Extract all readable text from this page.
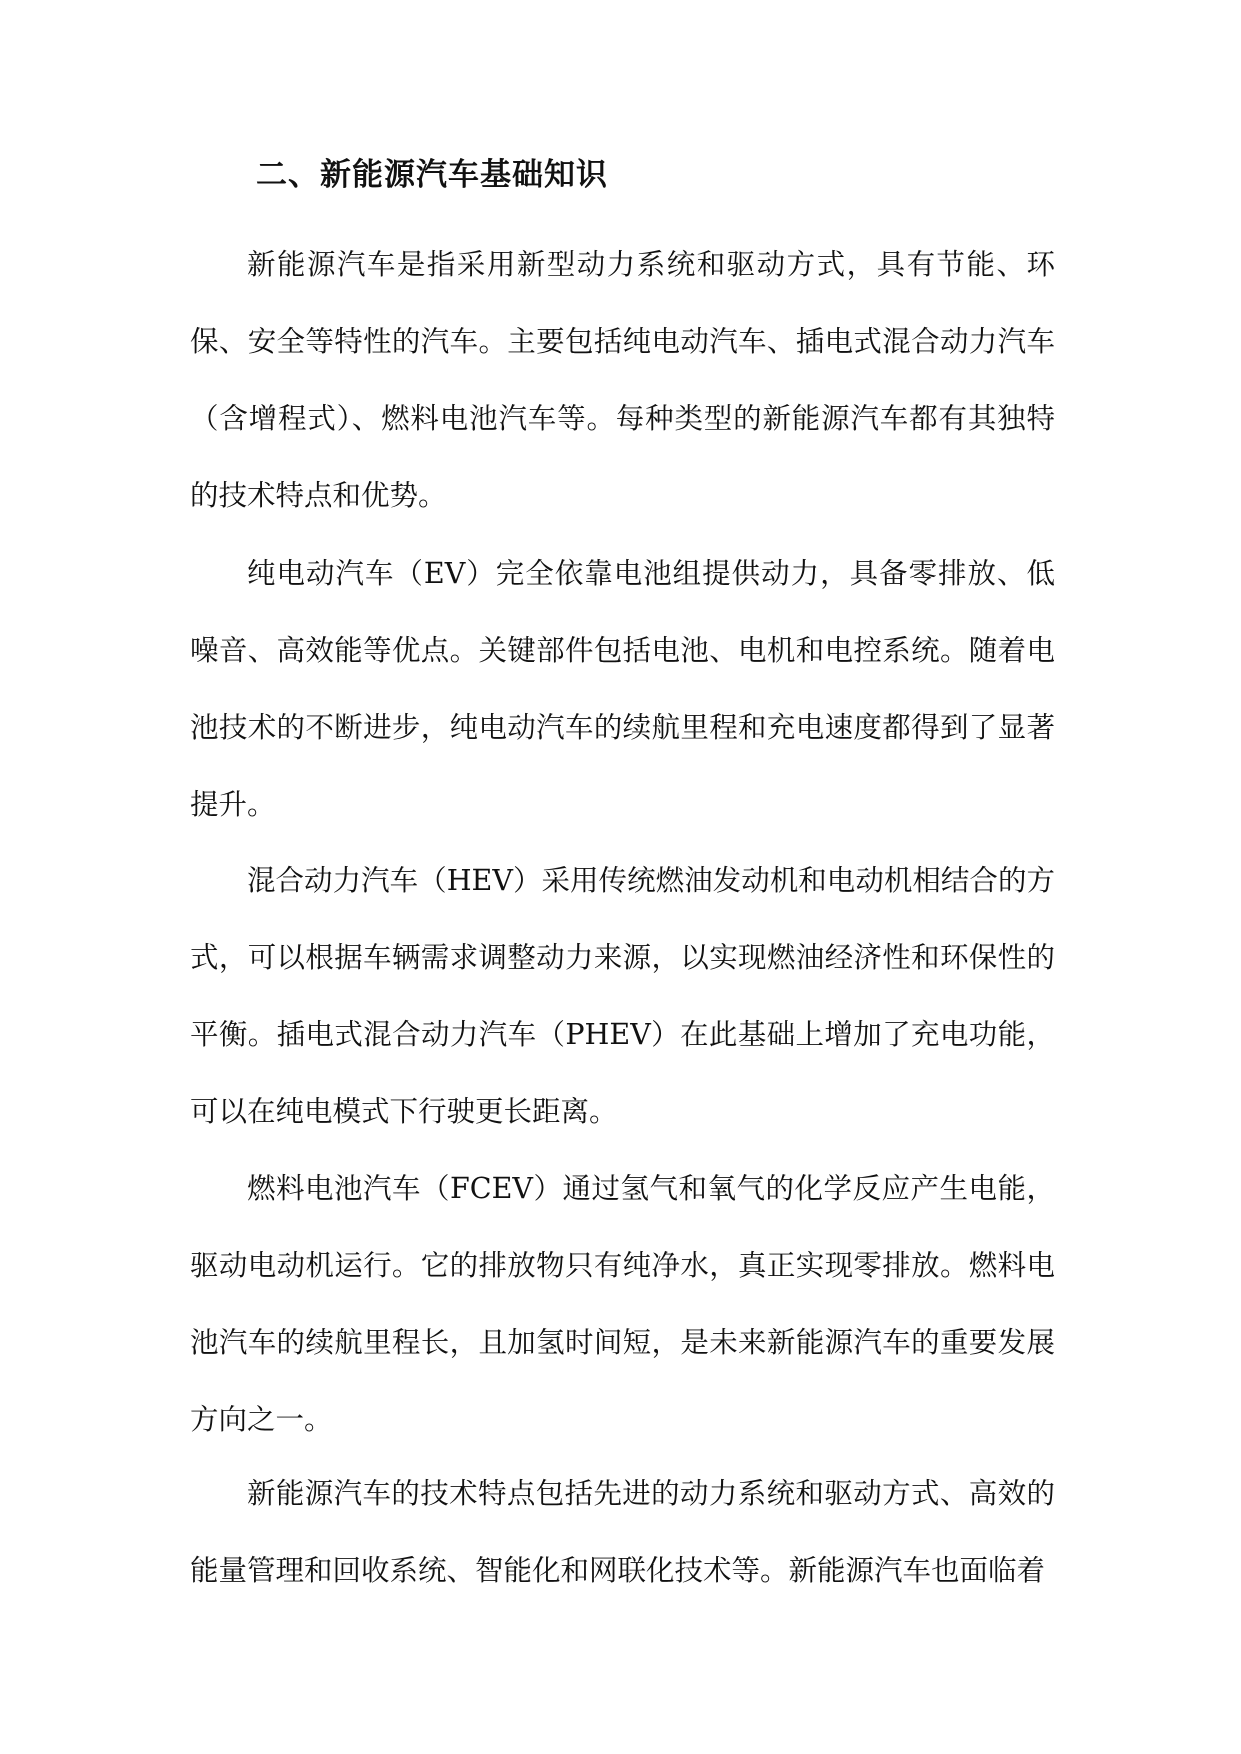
二、新能源汽车基础知识

新能源汽车是指采用新型动力系统和驱动方式，具有节能、环保、安全等特性的汽车。主要包括纯电动汽车、插电式混合动力汽车（含增程式）、燃料电池汽车等。每种类型的新能源汽车都有其独特的技术特点和优势。

纯电动汽车（EV）完全依靠电池组提供动力，具备零排放、低噪音、高效能等优点。关键部件包括电池、电机和电控系统。随着电池技术的不断进步，纯电动汽车的续航里程和充电速度都得到了显著提升。

混合动力汽车（HEV）采用传统燃油发动机和电动机相结合的方式，可以根据车辆需求调整动力来源，以实现燃油经济性和环保性的平衡。插电式混合动力汽车（PHEV）在此基础上增加了充电功能，可以在纯电模式下行驶更长距离。

燃料电池汽车（FCEV）通过氢气和氧气的化学反应产生电能，驱动电动机运行。它的排放物只有纯净水，真正实现零排放。燃料电池汽车的续航里程长，且加氢时间短，是未来新能源汽车的重要发展方向之一。

新能源汽车的技术特点包括先进的动力系统和驱动方式、高效的能量管理和回收系统、智能化和网联化技术等。新能源汽车也面临着
